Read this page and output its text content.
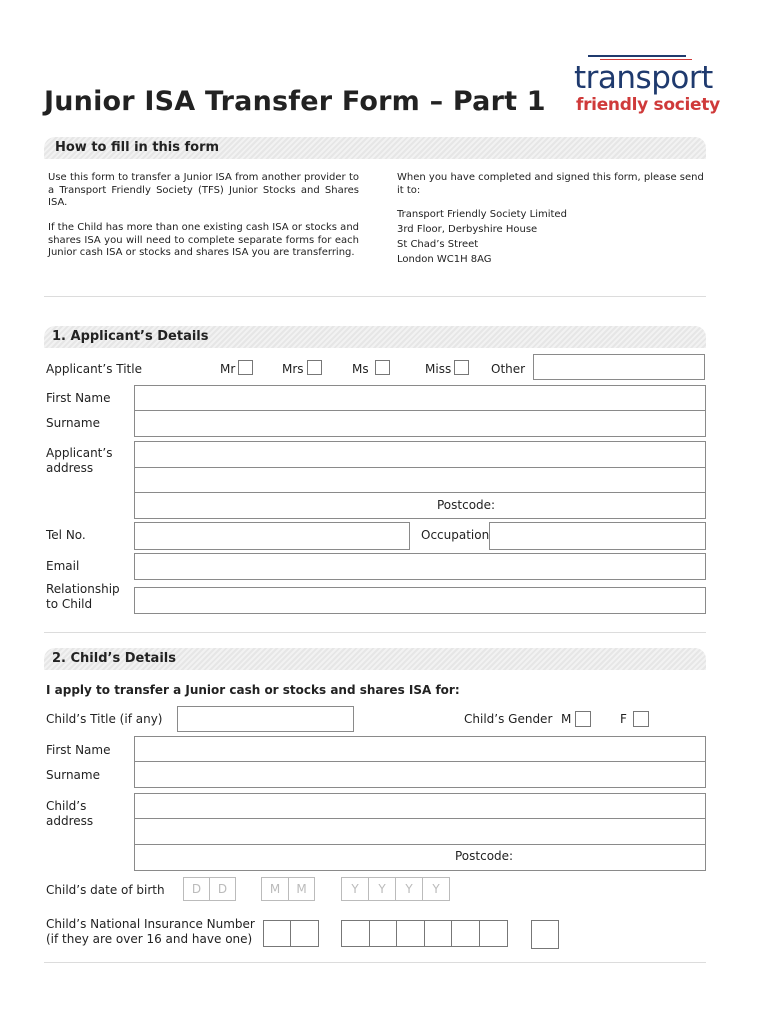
Junior ISA Transfer Form – Part 1
transport
friendly society
How to fill in this form
Use this form to transfer a Junior ISA from another provider to a Transport Friendly Society (TFS) Junior Stocks and Shares ISA.
If the Child has more than one existing cash ISA or stocks and shares ISA you will need to complete separate forms for each Junior cash ISA or stocks and shares ISA you are transferring.
When you have completed and signed this form, please send it to:
Transport Friendly Society Limited
3rd Floor, Derbyshire House
St Chad’s Street
London WC1H 8AG
1. Applicant’s Details
Applicant’s Title	Mr	Mrs	Ms	Miss	Other
First Name
Surname
Applicant’s address
Postcode:
Tel No.	Occupation
Email
Relationship to Child
2. Child’s Details
I apply to transfer a Junior cash or stocks and shares ISA for:
Child’s Title (if any)	Child’s Gender M	F
First Name
Surname
Child’s address
Postcode:
Child’s date of birth	D	D	M	M	Y	Y	Y	Y
Child’s National Insurance Number
(if they are over 16 and have one)
